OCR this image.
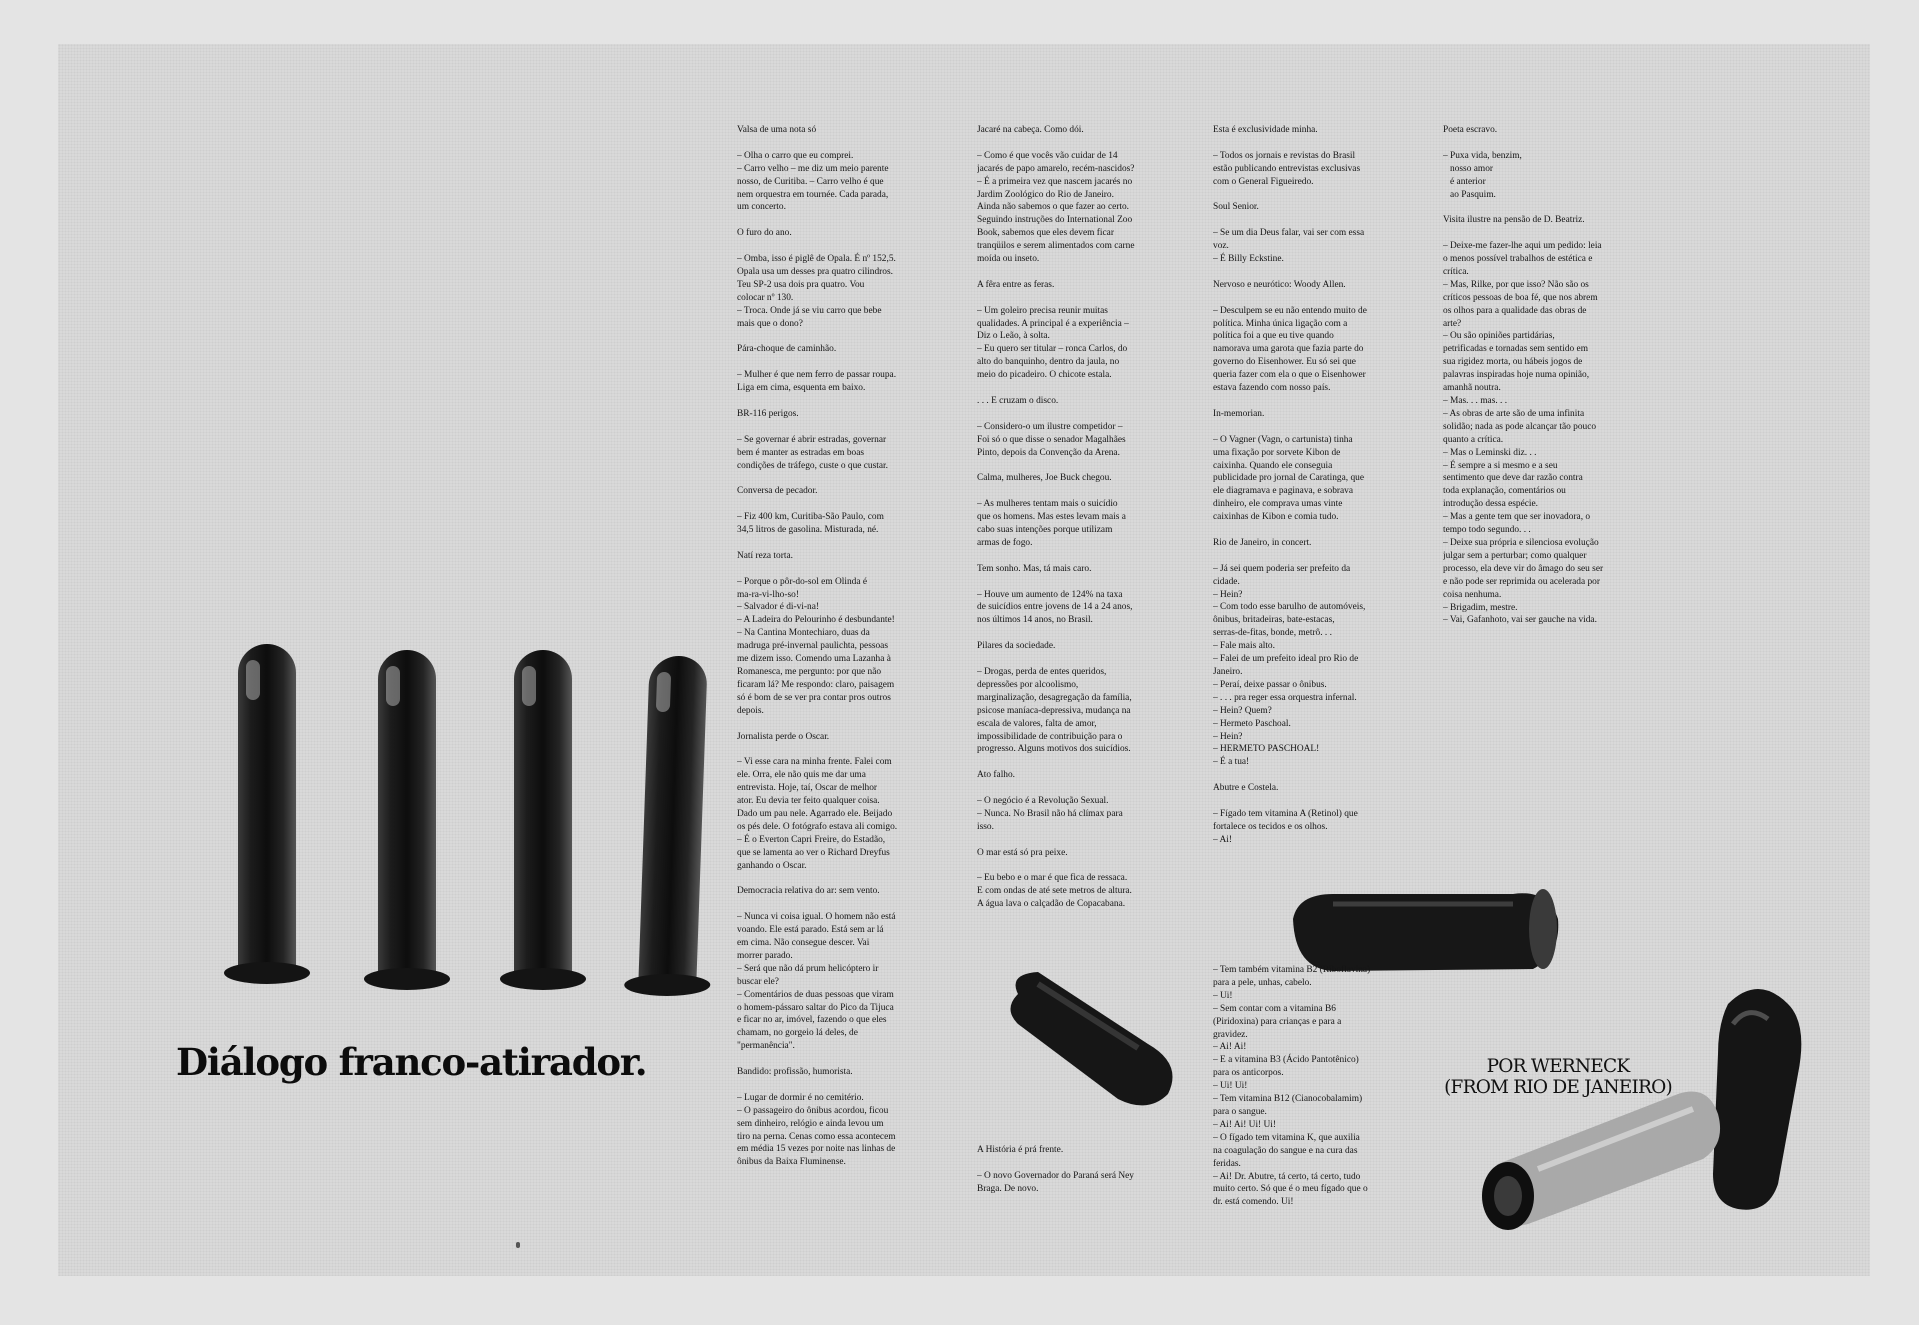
Diálogo franco-atirador.
Valsa de uma nota só

– Olha o carro que eu comprei.
– Carro velho – me diz um meio parente
nosso, de Curitiba. – Carro velho é que
nem orquestra em tournée. Cada parada,
um concerto.
O furo do ano.

– Omba, isso é piglê de Opala. É nº 152,5.
Opala usa um desses pra quatro cilindros.
Teu SP-2 usa dois pra quatro. Vou
colocar nº 130.
– Troca. Onde já se viu carro que bebe
mais que o dono?
Pára-choque de caminhão.

– Mulher é que nem ferro de passar roupa.
Liga em cima, esquenta em baixo.
BR-116 perigos.

– Se governar é abrir estradas, governar
bem é manter as estradas em boas
condições de tráfego, custe o que custar.
Conversa de pecador.

– Fiz 400 km, Curitiba-São Paulo, com
34,5 litros de gasolina. Misturada, né.
Natí reza torta.

– Porque o pôr-do-sol em Olinda é
ma-ra-vi-lho-so!
– Salvador é di-vi-na!
– A Ladeira do Pelourinho é desbundante!
– Na Cantina Montechiaro, duas da
madruga pré-invernal paulichta, pessoas
me dizem isso. Comendo uma Lazanha à
Romanesca, me pergunto: por que não
ficaram lá? Me respondo: claro, paisagem
só é bom de se ver pra contar pros outros
depois.
Jornalista perde o Oscar.

– Vi esse cara na minha frente. Falei com
ele. Orra, ele não quis me dar uma
entrevista. Hoje, taí, Oscar de melhor
ator. Eu devia ter feito qualquer coisa.
Dado um pau nele. Agarrado ele. Beijado
os pés dele. O fotógrafo estava ali comigo.
– É o Everton Capri Freire, do Estadão,
que se lamenta ao ver o Richard Dreyfus
ganhando o Oscar.
Democracia relativa do ar: sem vento.

– Nunca vi coisa igual. O homem não está
voando. Ele está parado. Está sem ar lá
em cima. Não consegue descer. Vai
morrer parado.
– Será que não dá prum helicóptero ir
buscar ele?
– Comentários de duas pessoas que viram
o homem-pássaro saltar do Pico da Tijuca
e ficar no ar, imóvel, fazendo o que eles
chamam, no gorgeio lá deles, de
"permanência".
Bandido: profissão, humorista.

– Lugar de dormir é no cemitério.
– O passageiro do ônibus acordou, ficou
sem dinheiro, relógio e ainda levou um
tiro na perna. Cenas como essa acontecem
em média 15 vezes por noite nas linhas de
ônibus da Baixa Fluminense.
Jacaré na cabeça. Como dói.

– Como é que vocês vão cuidar de 14
jacarés de papo amarelo, recém-nascidos?
– É a primeira vez que nascem jacarés no
Jardim Zoológico do Rio de Janeiro.
Ainda não sabemos o que fazer ao certo.
Seguindo instruções do International Zoo
Book, sabemos que eles devem ficar
tranqüilos e serem alimentados com carne
moída ou inseto.
A fêra entre as feras.

– Um goleiro precisa reunir muitas
qualidades. A principal é a experiência –
Diz o Leão, à solta.
– Eu quero ser titular – ronca Carlos, do
alto do banquinho, dentro da jaula, no
meio do picadeiro. O chicote estala.
. . . E cruzam o disco.

– Considero-o um ilustre competidor –
Foi só o que disse o senador Magalhães
Pinto, depois da Convenção da Arena.
Calma, mulheres, Joe Buck chegou.

– As mulheres tentam mais o suicídio
que os homens. Mas estes levam mais a
cabo suas intenções porque utilizam
armas de fogo.
Tem sonho. Mas, tá mais caro.

– Houve um aumento de 124% na taxa
de suicídios entre jovens de 14 a 24 anos,
nos últimos 14 anos, no Brasil.
Pilares da sociedade.

– Drogas, perda de entes queridos,
depressões por alcoolismo,
marginalização, desagregação da família,
psicose maníaca-depressiva, mudança na
escala de valores, falta de amor,
impossibilidade de contribuição para o
progresso. Alguns motivos dos suicídios.
Ato falho.

– O negócio é a Revolução Sexual.
– Nunca. No Brasil não há clímax para
isso.
O mar está só pra peixe.

– Eu bebo e o mar é que fica de ressaca.
E com ondas de até sete metros de altura.
A água lava o calçadão de Copacabana.
Esta é exclusividade minha.

– Todos os jornais e revistas do Brasil
estão publicando entrevistas exclusivas
com o General Figueiredo.
Soul Senior.

– Se um dia Deus falar, vai ser com essa
voz.
– É Billy Eckstine.
Nervoso e neurótico: Woody Allen.

– Desculpem se eu não entendo muito de
política. Minha única ligação com a
política foi a que eu tive quando
namorava uma garota que fazia parte do
governo do Eisenhower. Eu só sei que
queria fazer com ela o que o Eisenhower
estava fazendo com nosso país.
In-memorian.

– O Vagner (Vagn, o cartunista) tinha
uma fixação por sorvete Kibon de
caixinha. Quando ele conseguia
publicidade pro jornal de Caratinga, que
ele diagramava e paginava, e sobrava
dinheiro, ele comprava umas vinte
caixinhas de Kibon e comia tudo.
Rio de Janeiro, in concert.

– Já sei quem poderia ser prefeito da
cidade.
– Hein?
– Com todo esse barulho de automóveis,
ônibus, britadeiras, bate-estacas,
serras-de-fitas, bonde, metrô. . .
– Fale mais alto.
– Falei de um prefeito ideal pro Rio de
Janeiro.
– Peraí, deixe passar o ônibus.
– . . . pra reger essa orquestra infernal.
– Hein? Quem?
– Hermeto Paschoal.
– Hein?
– HERMETO PASCHOAL!
– É a tua!
Abutre e Costela.

– Fígado tem vitamina A (Retinol) que
fortalece os tecidos e os olhos.
– Ai!
Poeta escravo.

– Puxa vida, benzim,
nosso amor
é anterior
ao Pasquim.
Visita ilustre na pensão de D. Beatriz.

– Deixe-me fazer-lhe aqui um pedido: leia
o menos possível trabalhos de estética e
crítica.
– Mas, Rilke, por que isso? Não são os
críticos pessoas de boa fé, que nos abrem
os olhos para a qualidade das obras de
arte?
– Ou são opiniões partidárias,
petrificadas e tornadas sem sentido em
sua rigidez morta, ou hábeis jogos de
palavras inspiradas hoje numa opinião,
amanhã noutra.
– Mas. . . mas. . .
– As obras de arte são de uma infinita
solidão; nada as pode alcançar tão pouco
quanto a crítica.
– Mas o Leminski diz. . .
– É sempre a si mesmo e a seu
sentimento que deve dar razão contra
toda explanação, comentários ou
introdução dessa espécie.
– Mas a gente tem que ser inovadora, o
tempo todo segundo. . .
– Deixe sua própria e silenciosa evolução
julgar sem a perturbar; como qualquer
processo, ela deve vir do âmago do seu ser
e não pode ser reprimida ou acelerada por
coisa nenhuma.
– Brigadim, mestre.
– Vai, Gafanhoto, vai ser gauche na vida.
– Tem também vitamina B2 (Riboflavina)
para a pele, unhas, cabelo.
– Ui!
– Sem contar com a vitamina B6
(Piridoxina) para crianças e para a
gravidez.
– Ai! Ai!
– E a vitamina B3 (Ácido Pantotênico)
para os anticorpos.
– Ui! Ui!
– Tem vitamina B12 (Cianocobalamim)
para o sangue.
– Ai! Ai! Ui! Ui!
– O fígado tem vitamina K, que auxilia
na coagulação do sangue e na cura das
feridas.
– Ai! Dr. Abutre, tá certo, tá certo, tudo
muito certo. Só que é o meu fígado que o
dr. está comendo. Ui!
A História é prá frente.

– O novo Governador do Paraná será Ney
Braga. De novo.
POR WERNECK
(FROM RIO DE JANEIRO)
